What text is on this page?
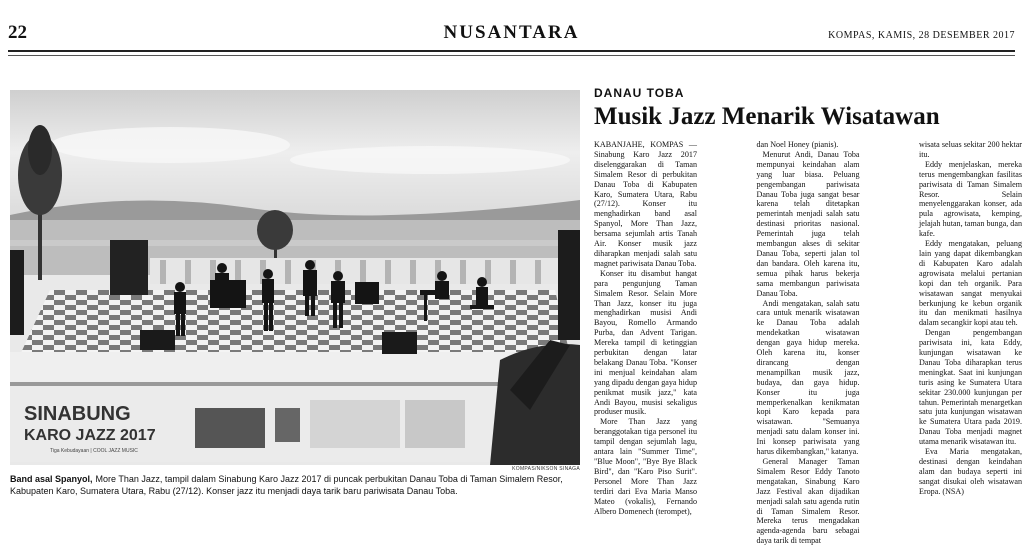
22	NUSANTARA	KOMPAS, KAMIS, 28 DESEMBER 2017
SINABUNG
KARO JAZZ 2017
Tiga Kebudayaan | COOL JAZZ MUSIC
KOMPAS/NIKSON SINAGA
Band asal Spanyol, More Than Jazz, tampil dalam Sinabung Karo Jazz 2017 di puncak perbukitan Danau Toba di Taman Simalem Resor, Kabupaten Karo, Sumatera Utara, Rabu (27/12). Konser jazz itu menjadi daya tarik baru pariwisata Danau Toba.
DANAU TOBA
Musik Jazz Menarik Wisatawan

KABANJAHE, KOMPAS — Sinabung Karo Jazz 2017 diselenggarakan di Taman Simalem Resor di perbukitan Danau Toba di Kabupaten Karo, Sumatera Utara, Rabu (27/12). Konser itu menghadirkan band asal Spanyol, More Than Jazz, bersama sejumlah artis Tanah Air. Konser musik jazz diharapkan menjadi salah satu magnet pariwisata Danau Toba.

Konser itu disambut hangat para pengunjung Taman Simalem Resor. Selain More Than Jazz, konser itu juga menghadirkan musisi Andi Bayou, Romello Armando Purba, dan Advent Tarigan. Mereka tampil di ketinggian perbukitan dengan latar belakang Danau Toba. "Konser ini menjual keindahan alam yang dipadu dengan gaya hidup penikmat musik jazz," kata Andi Bayou, musisi sekaligus produser musik.

More Than Jazz yang beranggotakan tiga personel itu tampil dengan sejumlah lagu, antara lain "Summer Time", "Blue Moon", "Bye Bye Black Bird", dan "Karo Piso Surit". Personel More Than Jazz terdiri dari Eva Maria Manso Mateo (vokalis), Fernando Albero Domenech (terompet),

dan Noel Honey (pianis).

Menurut Andi, Danau Toba mempunyai keindahan alam yang luar biasa. Peluang pengembangan pariwisata Danau Toba juga sangat besar karena telah ditetapkan pemerintah menjadi salah satu destinasi prioritas nasional. Pemerintah juga telah membangun akses di sekitar Danau Toba, seperti jalan tol dan bandara. Oleh karena itu, semua pihak harus bekerja sama membangun pariwisata Danau Toba.

Andi mengatakan, salah satu cara untuk menarik wisatawan ke Danau Toba adalah mendekatkan wisatawan dengan gaya hidup mereka. Oleh karena itu, konser dirancang dengan menampilkan musik jazz, budaya, dan gaya hidup. Konser itu juga memperkenalkan kenikmatan kopi Karo kepada para wisatawan. "Semuanya menjadi satu dalam konser ini. Ini konsep pariwisata yang harus dikembangkan," katanya.

General Manager Taman Simalem Resor Eddy Tanoto mengatakan, Sinabung Karo Jazz Festival akan dijadikan menjadi salah satu agenda rutin di Taman Simalem Resor. Mereka terus mengadakan agenda-agenda baru sebagai daya tarik di tempat

wisata seluas sekitar 200 hektar itu.

Eddy menjelaskan, mereka terus mengembangkan fasilitas pariwisata di Taman Simalem Resor. Selain menyelenggarakan konser, ada pula agrowisata, kemping, jelajah hutan, taman bunga, dan kafe.

Eddy mengatakan, peluang lain yang dapat dikembangkan di Kabupaten Karo adalah agrowisata melalui pertanian kopi dan teh organik. Para wisatawan sangat menyukai berkunjung ke kebun organik itu dan menikmati hasilnya dalam secangkir kopi atau teh.

Dengan pengembangan pariwisata ini, kata Eddy, kunjungan wisatawan ke Danau Toba diharapkan terus meningkat. Saat ini kunjungan turis asing ke Sumatera Utara sekitar 230.000 kunjungan per tahun. Pemerintah menargetkan satu juta kunjungan wisatawan ke Sumatera Utara pada 2019. Danau Toba menjadi magnet utama menarik wisatawan itu.

Eva Maria mengatakan, destinasi dengan keindahan alam dan budaya seperti ini sangat disukai oleh wisatawan Eropa. (NSA)
